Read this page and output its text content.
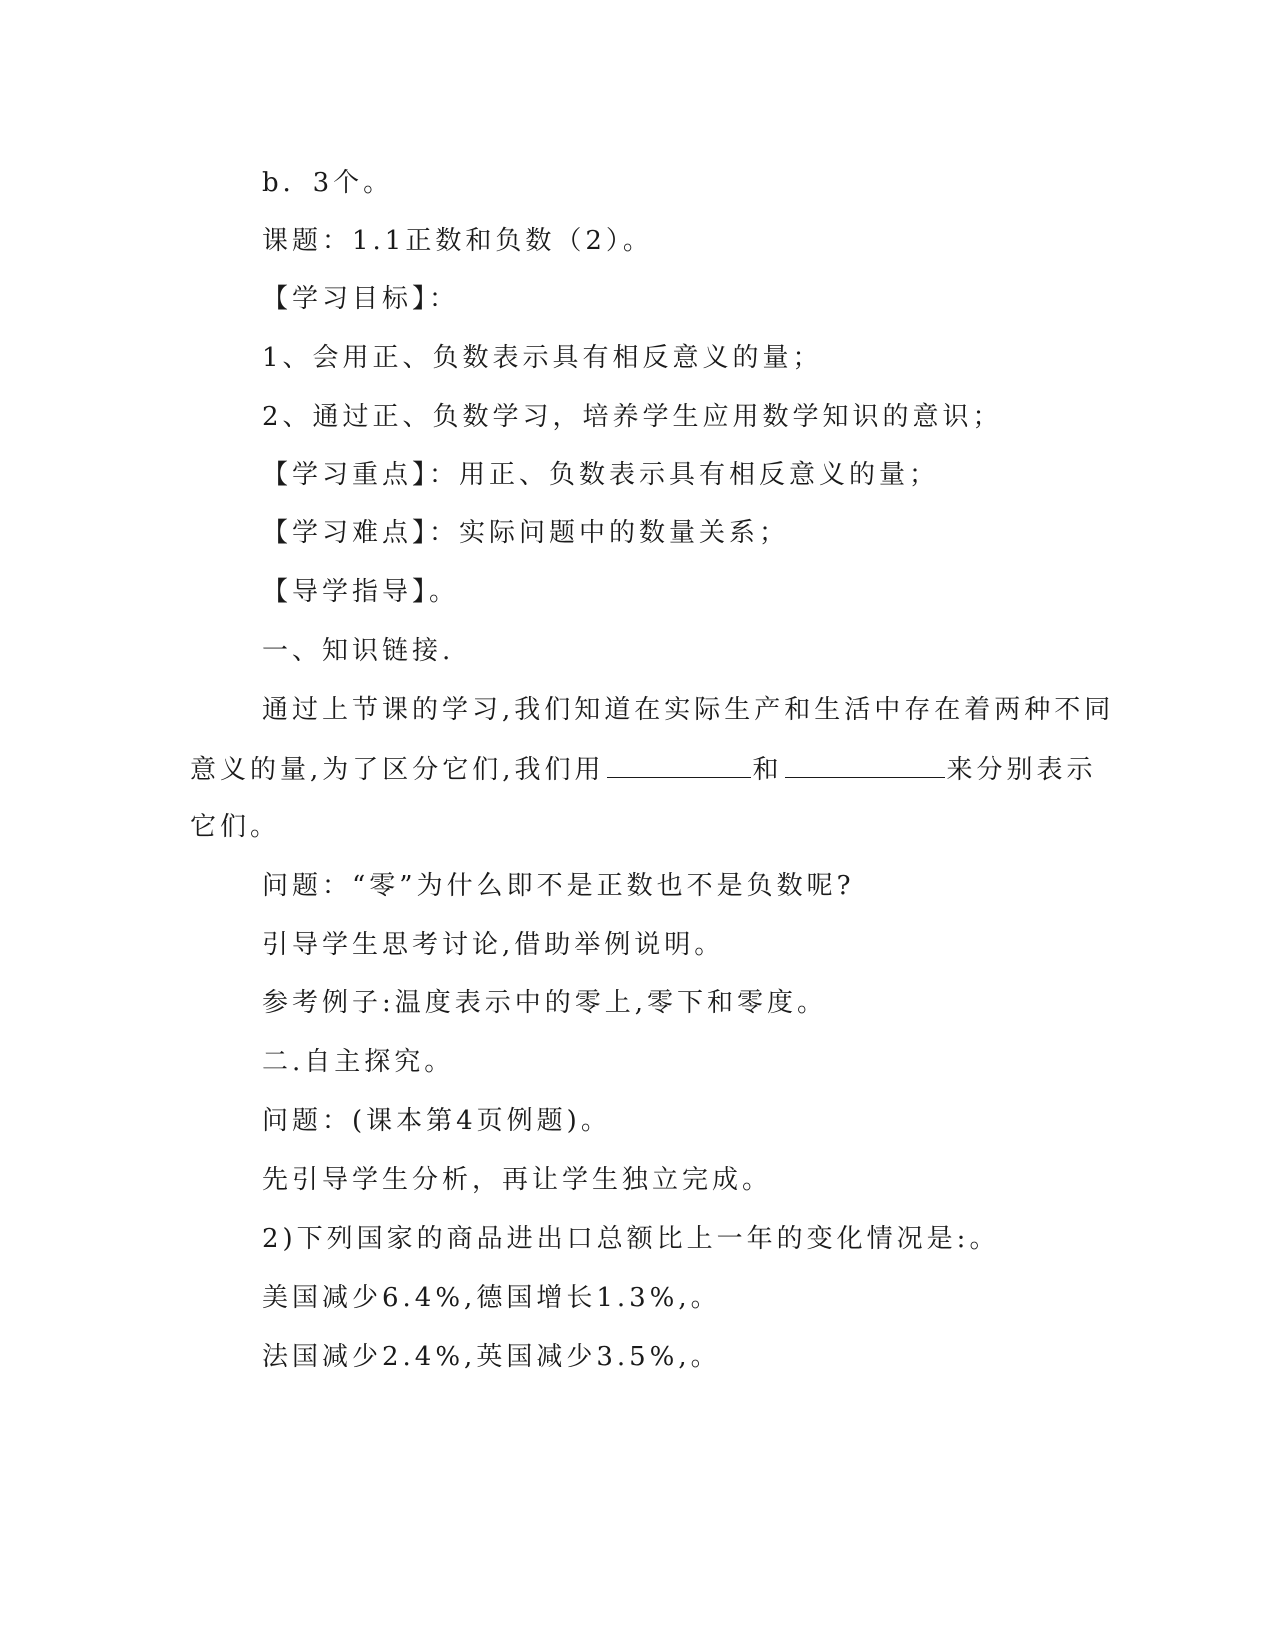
b．3个。
课题：1.1正数和负数（2）。
【学习目标】：
1、会用正、负数表示具有相反意义的量；
2、通过正、负数学习，培养学生应用数学知识的意识；
【学习重点】：用正、负数表示具有相反意义的量；
【学习难点】：实际问题中的数量关系；
【导学指导】。
一、知识链接.
通过上节课的学习,我们知道在实际生产和生活中存在着两种不同
意义的量,为了区分它们,我们用	和	来分别表示
它们。
问题：“零”为什么即不是正数也不是负数呢?
引导学生思考讨论,借助举例说明。
参考例子:温度表示中的零上,零下和零度。
二.自主探究。
问题：(课本第4页例题)。
先引导学生分析，再让学生独立完成。
2)下列国家的商品进出口总额比上一年的变化情况是:。
美国减少6.4%,德国增长1.3%,。
法国减少2.4%,英国减少3.5%,。
